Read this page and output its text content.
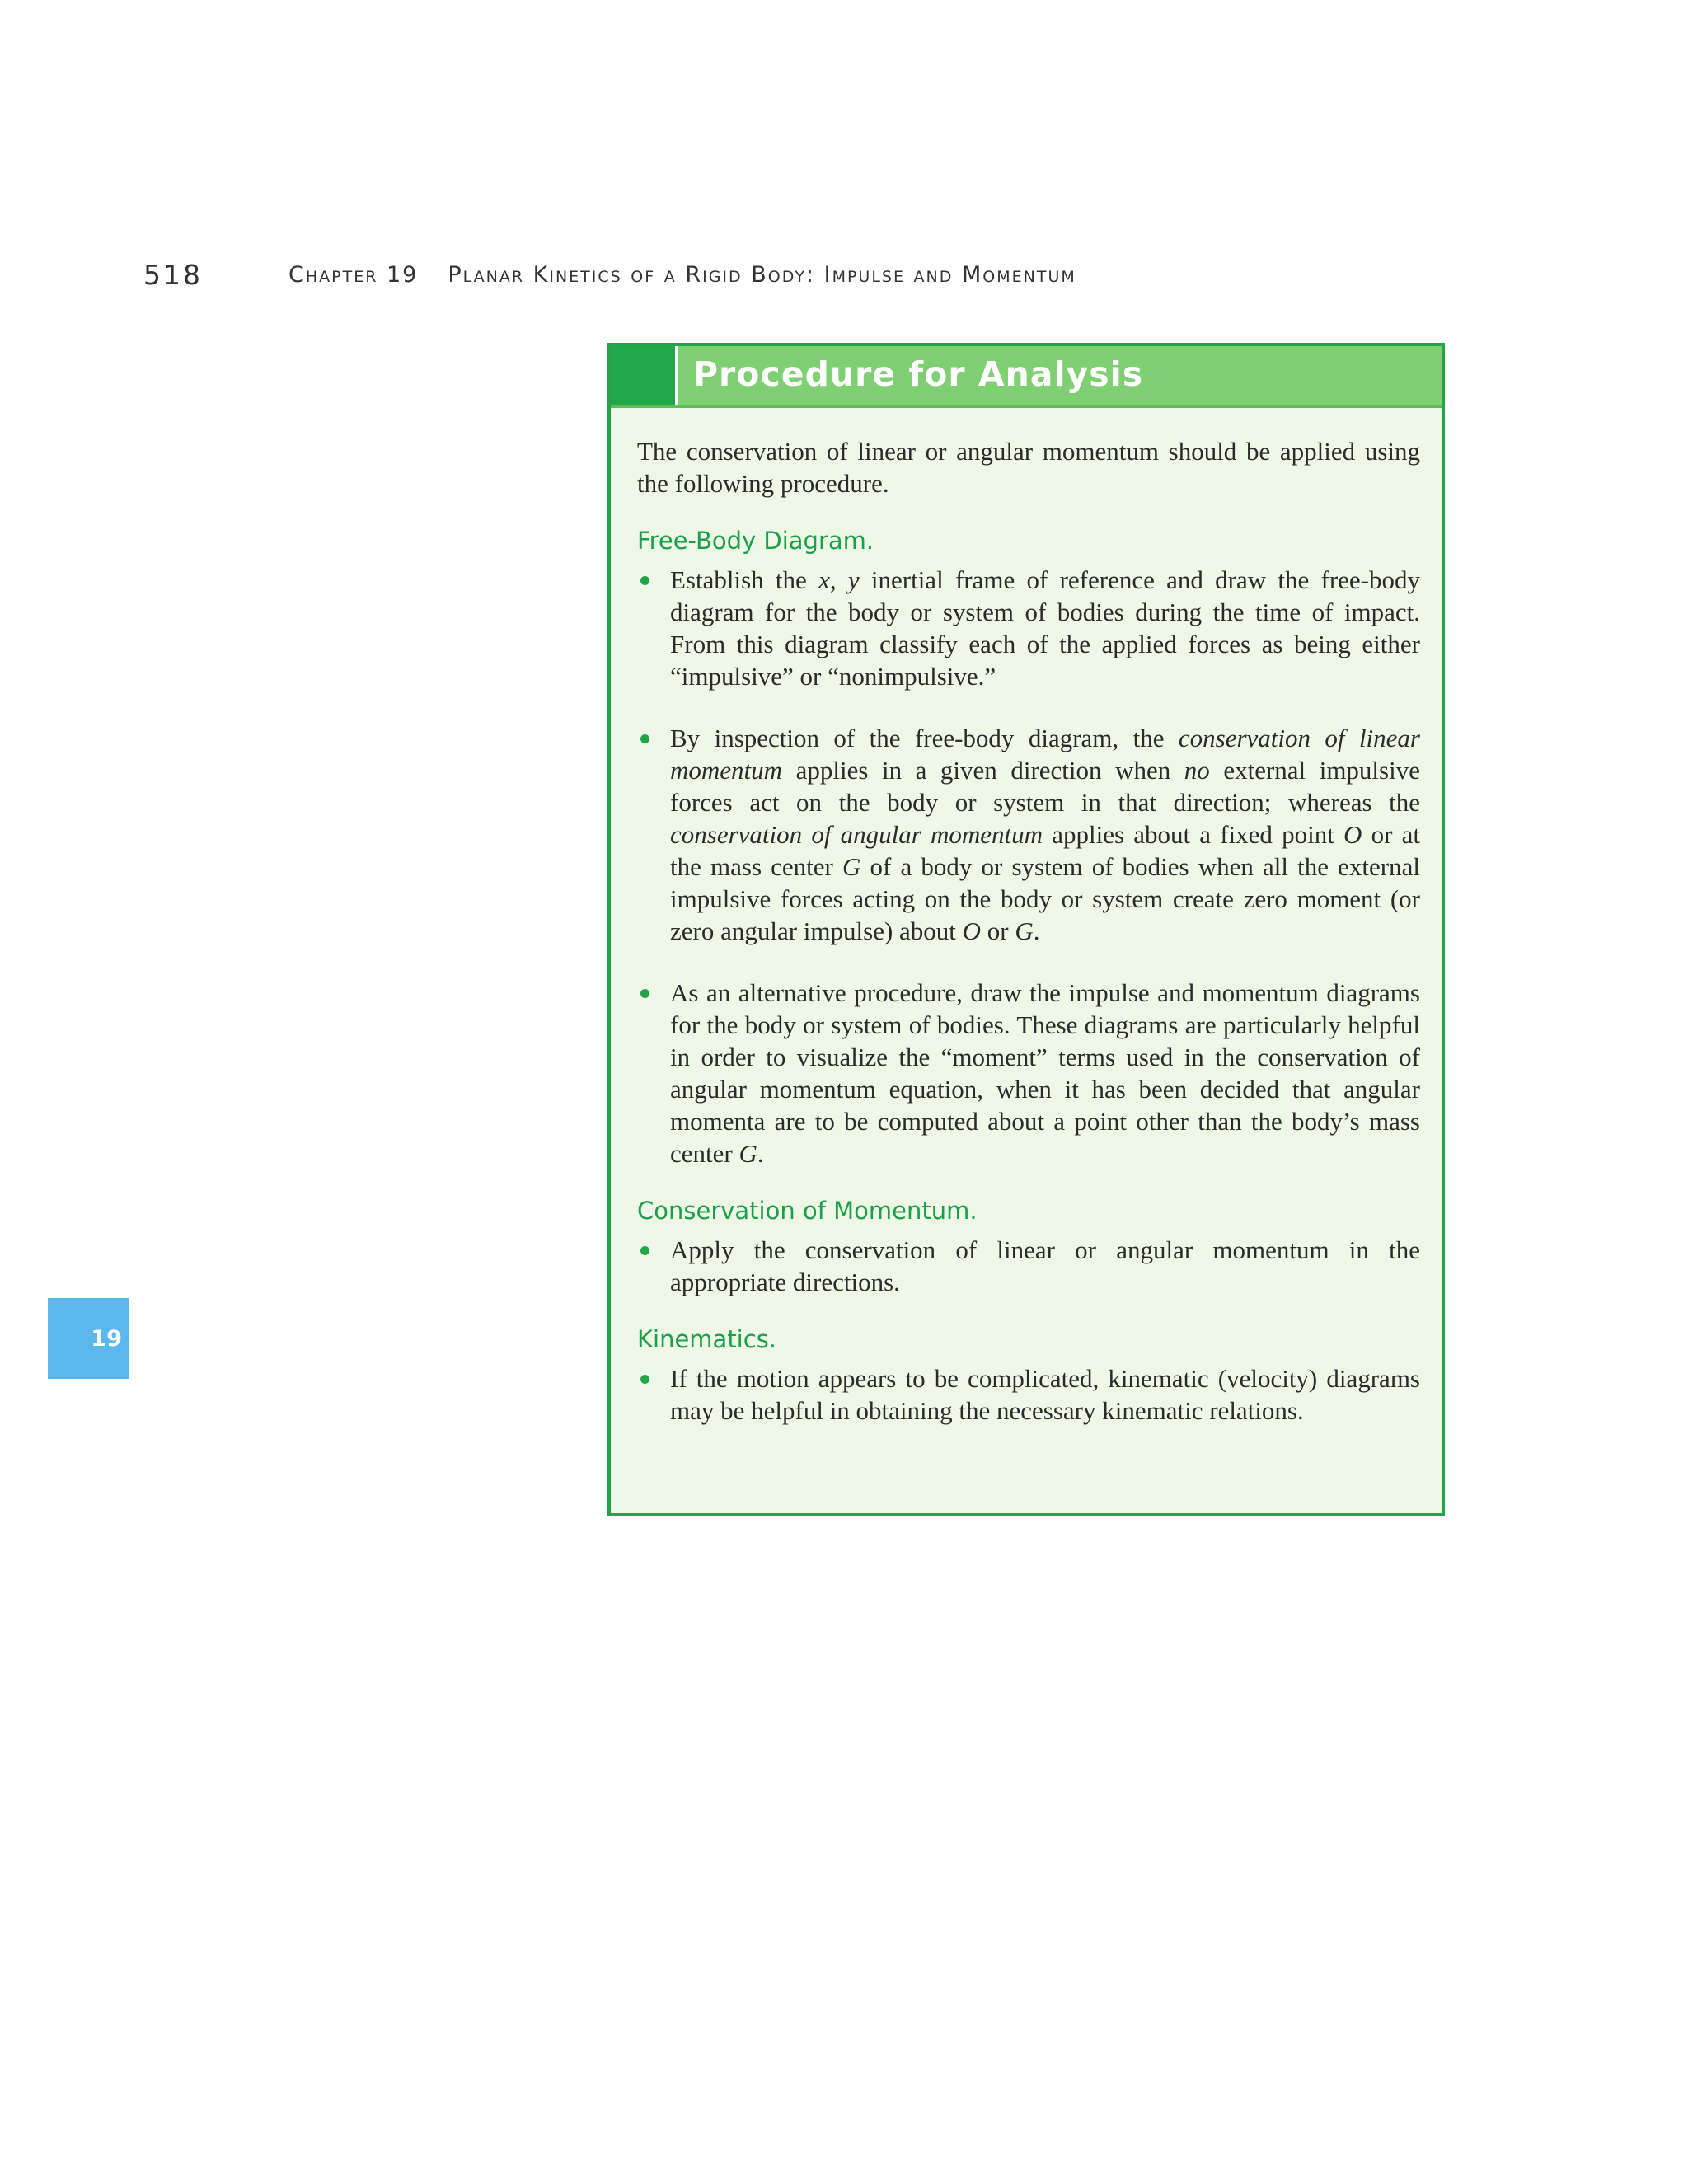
518	Chapter 19 Planar Kinetics of a Rigid Body: Impulse and Momentum
19
Procedure for Analysis

The conservation of linear or angular momentum should be applied using the following procedure.

Free-Body Diagram.

Establish the x, y inertial frame of reference and draw the free-body diagram for the body or system of bodies during the time of impact. From this diagram classify each of the applied forces as being either “impulsive” or “nonimpulsive.”

By inspection of the free-body diagram, the conservation of linear momentum applies in a given direction when no external impulsive forces act on the body or system in that direction; whereas the conservation of angular momentum applies about a fixed point O or at the mass center G of a body or system of bodies when all the external impulsive forces acting on the body or system create zero moment (or zero angular impulse) about O or G.

As an alternative procedure, draw the impulse and momentum diagrams for the body or system of bodies. These diagrams are particularly helpful in order to visualize the “moment” terms used in the conservation of angular momentum equation, when it has been decided that angular momenta are to be computed about a point other than the body’s mass center G.

Conservation of Momentum.

Apply the conservation of linear or angular momentum in the appropriate directions.

Kinematics.

If the motion appears to be complicated, kinematic (velocity) diagrams may be helpful in obtaining the necessary kinematic relations.
